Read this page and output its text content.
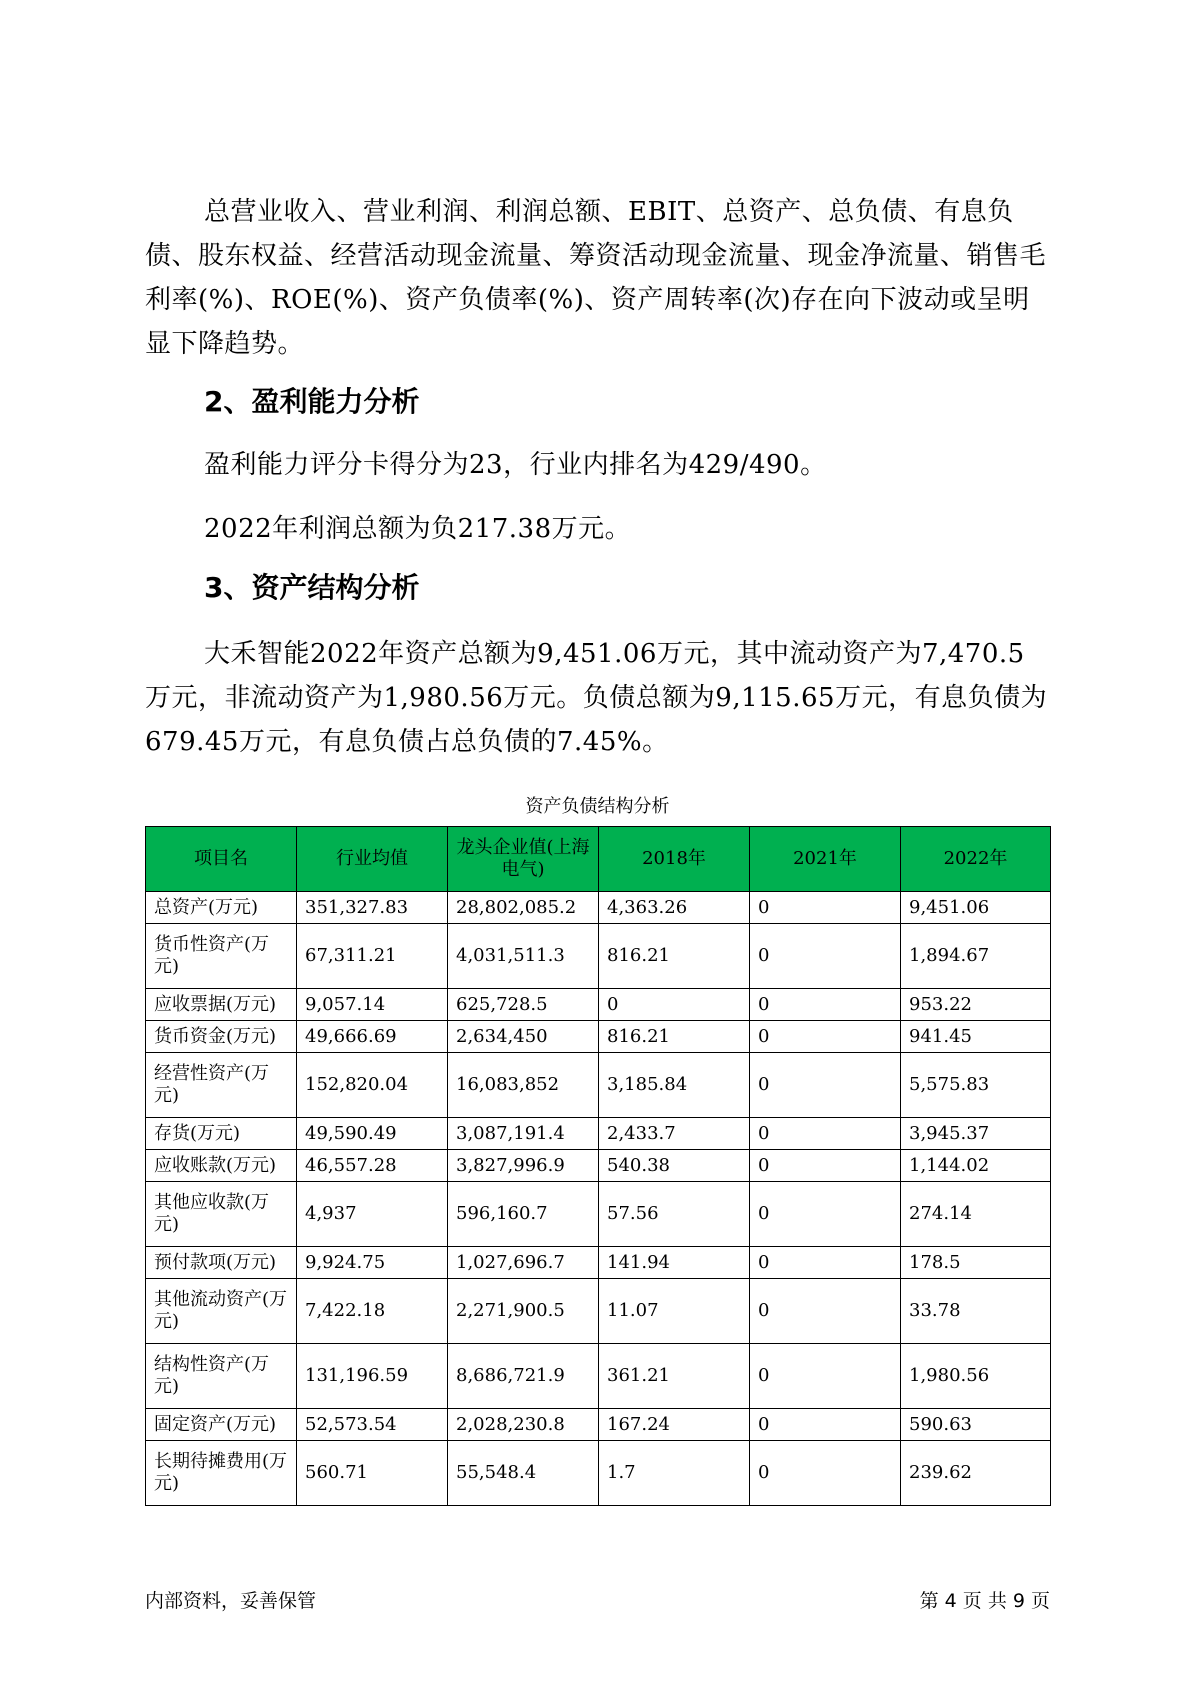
总营业收入、营业利润、利润总额、EBIT、总资产、总负债、有息负债、股东权益、经营活动现金流量、筹资活动现金流量、现金净流量、销售毛利率(%)、ROE(%)、资产负债率(%)、资产周转率(次)存在向下波动或呈明显下降趋势。

2、盈利能力分析

盈利能力评分卡得分为23，行业内排名为429/490。

2022年利润总额为负217.38万元。

3、资产结构分析

大禾智能2022年资产总额为9,451.06万元，其中流动资产为7,470.5万元，非流动资产为1,980.56万元。负债总额为9,115.65万元，有息负债为679.45万元，有息负债占总负债的7.45%。

资产负债结构分析
项目名	行业均值	龙头企业值(上海电气)	2018年	2021年	2022年
总资产(万元)	351,327.83	28,802,085.2	4,363.26	0	9,451.06
货币性资产(万元)	67,311.21	4,031,511.3	816.21	0	1,894.67
应收票据(万元)	9,057.14	625,728.5	0	0	953.22
货币资金(万元)	49,666.69	2,634,450	816.21	0	941.45
经营性资产(万元)	152,820.04	16,083,852	3,185.84	0	5,575.83
存货(万元)	49,590.49	3,087,191.4	2,433.7	0	3,945.37
应收账款(万元)	46,557.28	3,827,996.9	540.38	0	1,144.02
其他应收款(万元)	4,937	596,160.7	57.56	0	274.14
预付款项(万元)	9,924.75	1,027,696.7	141.94	0	178.5
其他流动资产(万元)	7,422.18	2,271,900.5	11.07	0	33.78
结构性资产(万元)	131,196.59	8,686,721.9	361.21	0	1,980.56
固定资产(万元)	52,573.54	2,028,230.8	167.24	0	590.63
长期待摊费用(万元)	560.71	55,548.4	1.7	0	239.62
内部资料，妥善保管	第 4 页 共 9 页
